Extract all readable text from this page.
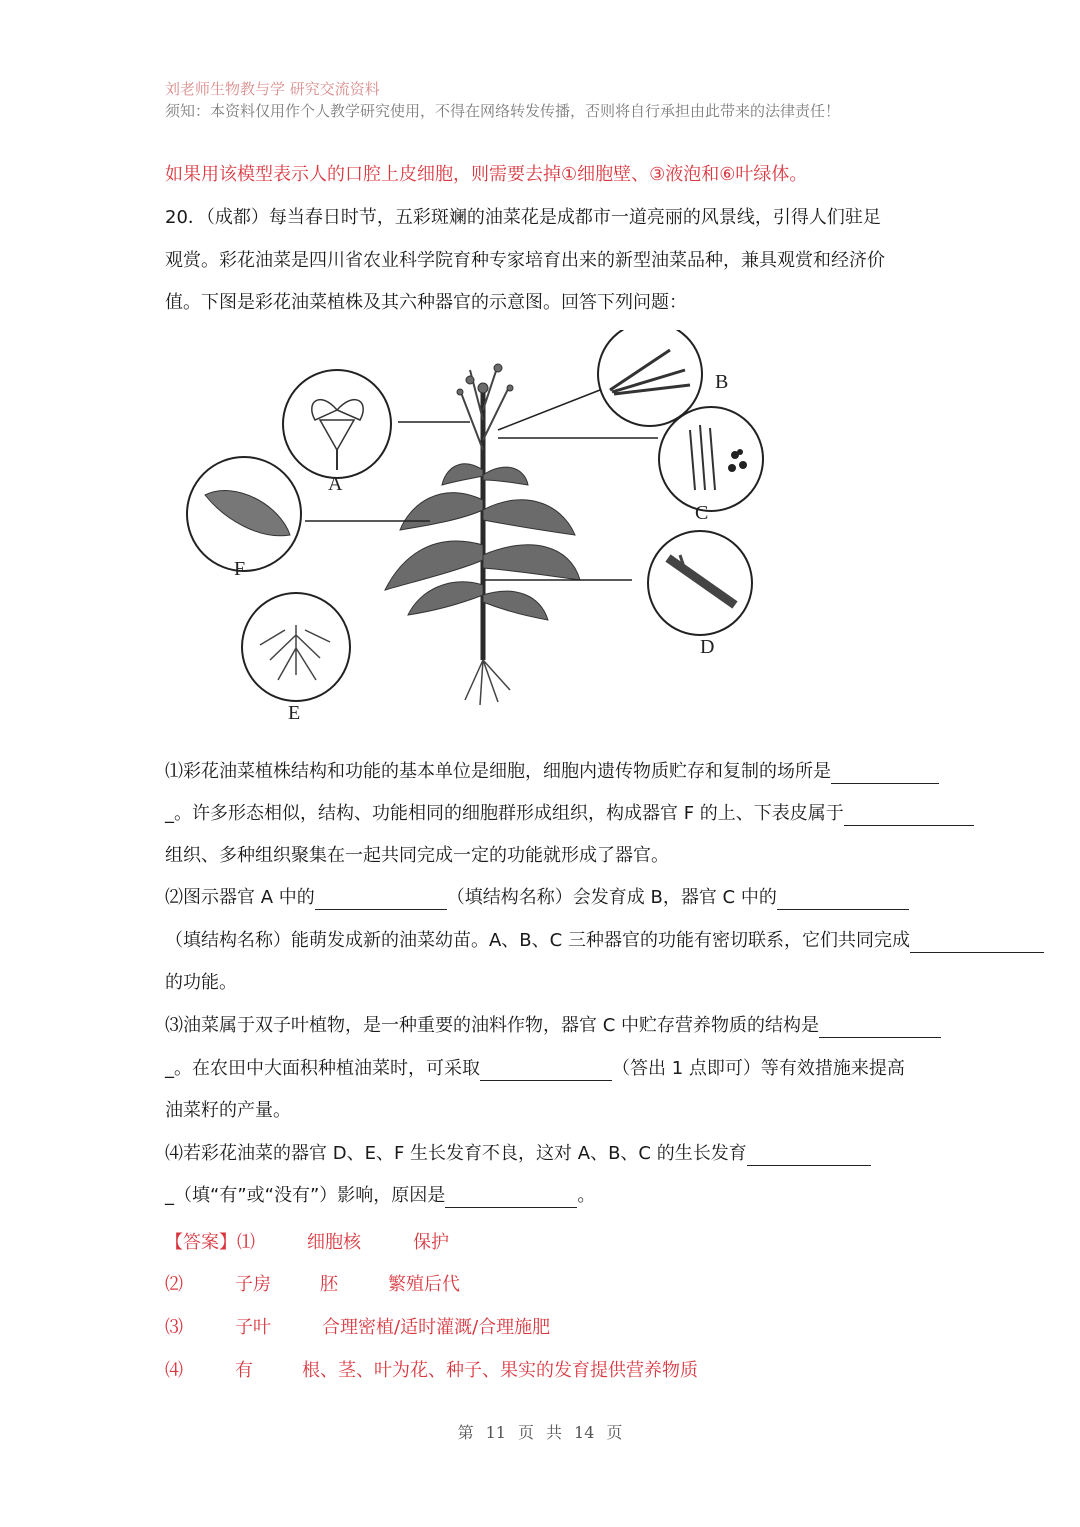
刘老师生物教与学 研究交流资料
须知：本资料仅用作个人教学研究使用，不得在网络转发传播，否则将自行承担由此带来的法律责任！
如果用该模型表示人的口腔上皮细胞，则需要去掉①细胞壁、③液泡和⑥叶绿体。
20．（成都）每当春日时节，五彩斑斓的油菜花是成都市一道亮丽的风景线，引得人们驻足
观赏。彩花油菜是四川省农业科学院育种专家培育出来的新型油菜品种，兼具观赏和经济价
值。下图是彩花油菜植株及其六种器官的示意图。回答下列问题：
A
F
B
C
D
E
⑴彩花油菜植株结构和功能的基本单位是细胞，细胞内遗传物质贮存和复制的场所是
_。许多形态相似，结构、功能相同的细胞群形成组织，构成器官 F 的上、下表皮属于
组织、多种组织聚集在一起共同完成一定的功能就形成了器官。
⑵图示器官 A 中的	（填结构名称）会发育成 B，器官 C 中的
（填结构名称）能萌发成新的油菜幼苗。A、B、C 三种器官的功能有密切联系，它们共同完成
的功能。
⑶油菜属于双子叶植物，是一种重要的油料作物，器官 C 中贮存营养物质的结构是
_。在农田中大面积种植油菜时，可采取	（答出 1 点即可）等有效措施来提高
油菜籽的产量。
⑷若彩花油菜的器官 D、E、F 生长发育不良，这对 A、B、C 的生长发育
_（填“有”或“没有”）影响，原因是	。
【答案】⑴	细胞核	保护
⑵	子房	胚	繁殖后代
⑶	子叶	合理密植/适时灌溉/合理施肥
⑷	有	根、茎、叶为花、种子、果实的发育提供营养物质
第 11 页 共 14 页
